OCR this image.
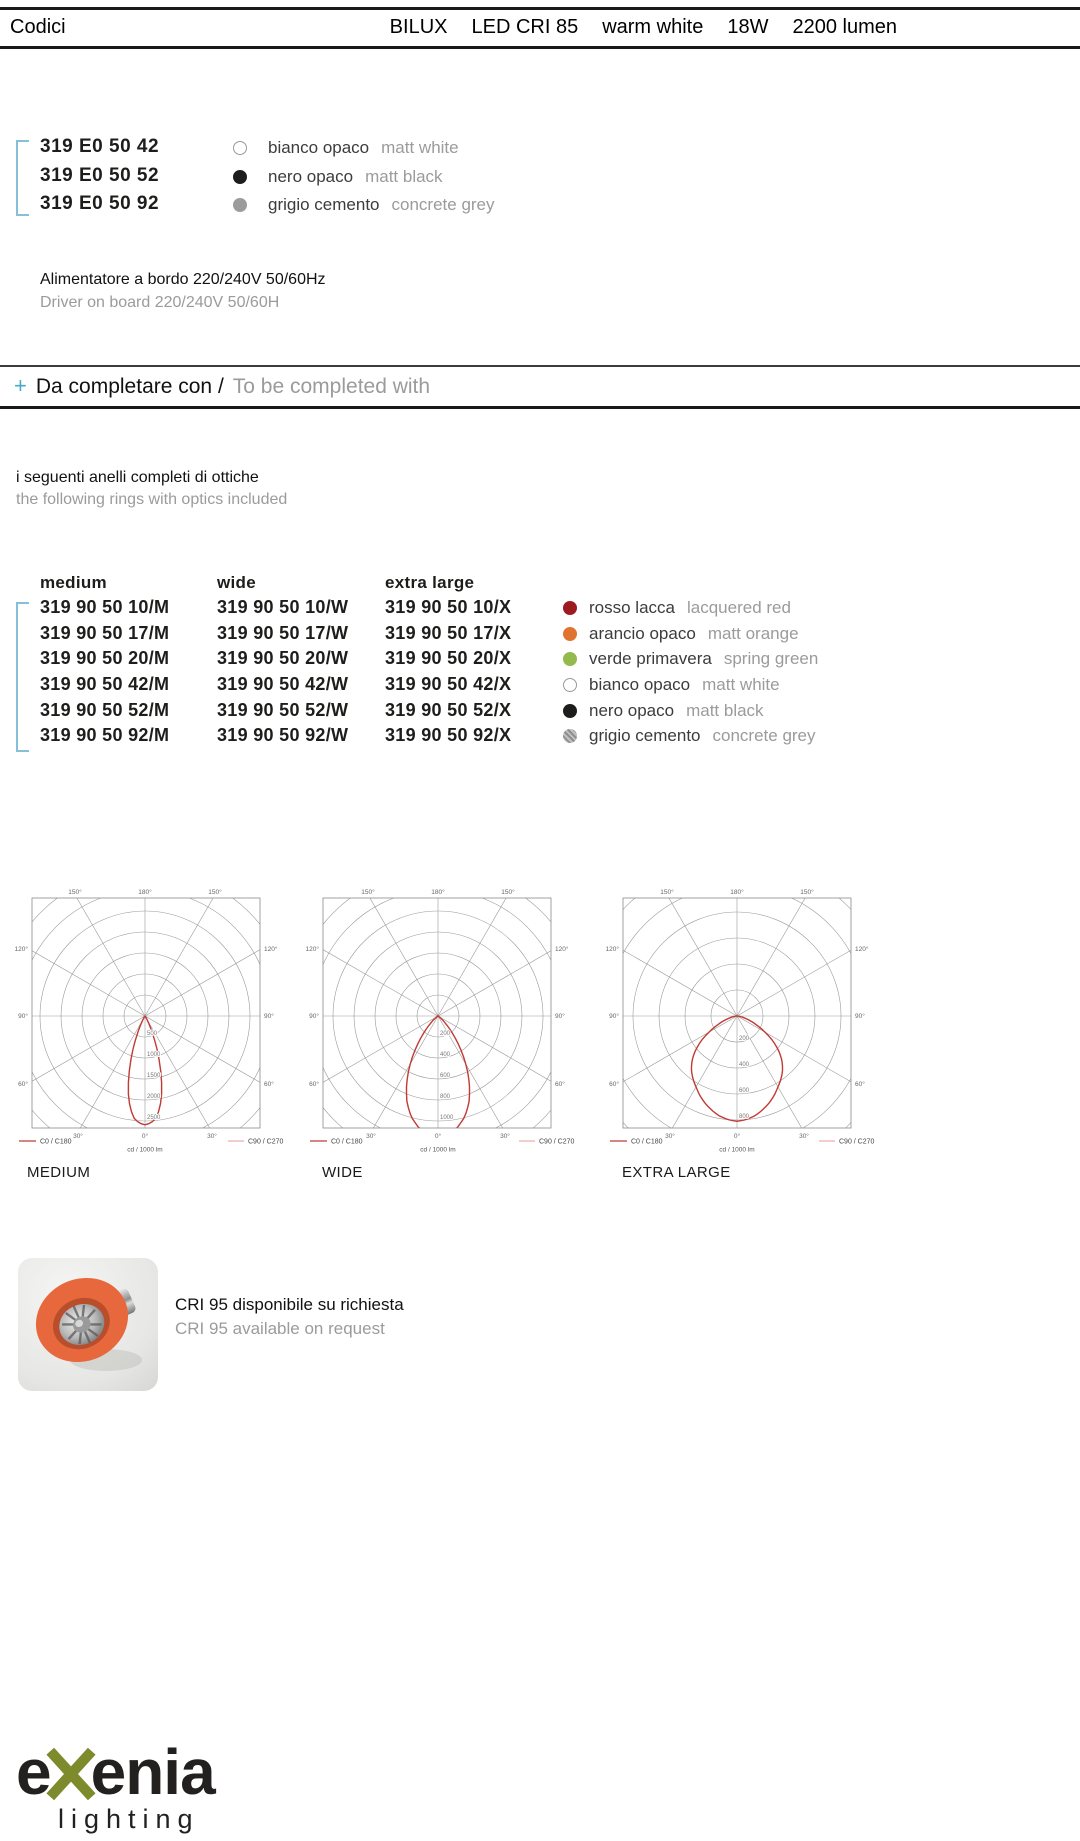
Codici	BILUX LED CRI 85 warm white 18W 2200 lumen
319 E0 50 42	bianco opaco matt white
319 E0 50 52	nero opaco matt black
319 E0 50 92	grigio cemento concrete grey
Alimentatore a bordo 220/240V 50/60Hz
Driver on board 220/240V 50/60H
+ Da completare con / To be completed with
i seguenti anelli completi di ottiche
the following rings with optics included
medium	wide	extra large
319 90 50 10/M	319 90 50 10/W 319 90 50 10/X	rosso lacca lacquered red
319 90 50 17/M	319 90 50 17/W 319 90 50 17/X	arancio opaco matt orange
319 90 50 20/M	319 90 50 20/W 319 90 50 20/X	verde primavera spring green
319 90 50 42/M	319 90 50 42/W 319 90 50 42/X	bianco opaco matt white
319 90 50 52/M	319 90 50 52/W 319 90 50 52/X	nero opaco matt black
319 90 50 92/M	319 90 50 92/W 319 90 50 92/X	grigio cemento concrete grey
500
1000
1500
2000
2500
0°
30°	30°
60°	60°
90°	90°
120°	120°
150°	150°
180°
C0 / C180	C90 / C270
cd / 1000 lm
200
400
600
800
1000
0°
30°	30°
60°	60°
90°	90°
120°	120°
150°	150°
180°
C0 / C180	C90 / C270
cd / 1000 lm
200
400
600
800
0°
30°	30°
60°	60°
90°	90°
120°	120°
150°	150°
180°
C0 / C180	C90 / C270
cd / 1000 lm
MEDIUM	WIDE	EXTRA LARGE
CRI 95 disponibile su richiesta
CRI 95 available on request
e enia
lighting
